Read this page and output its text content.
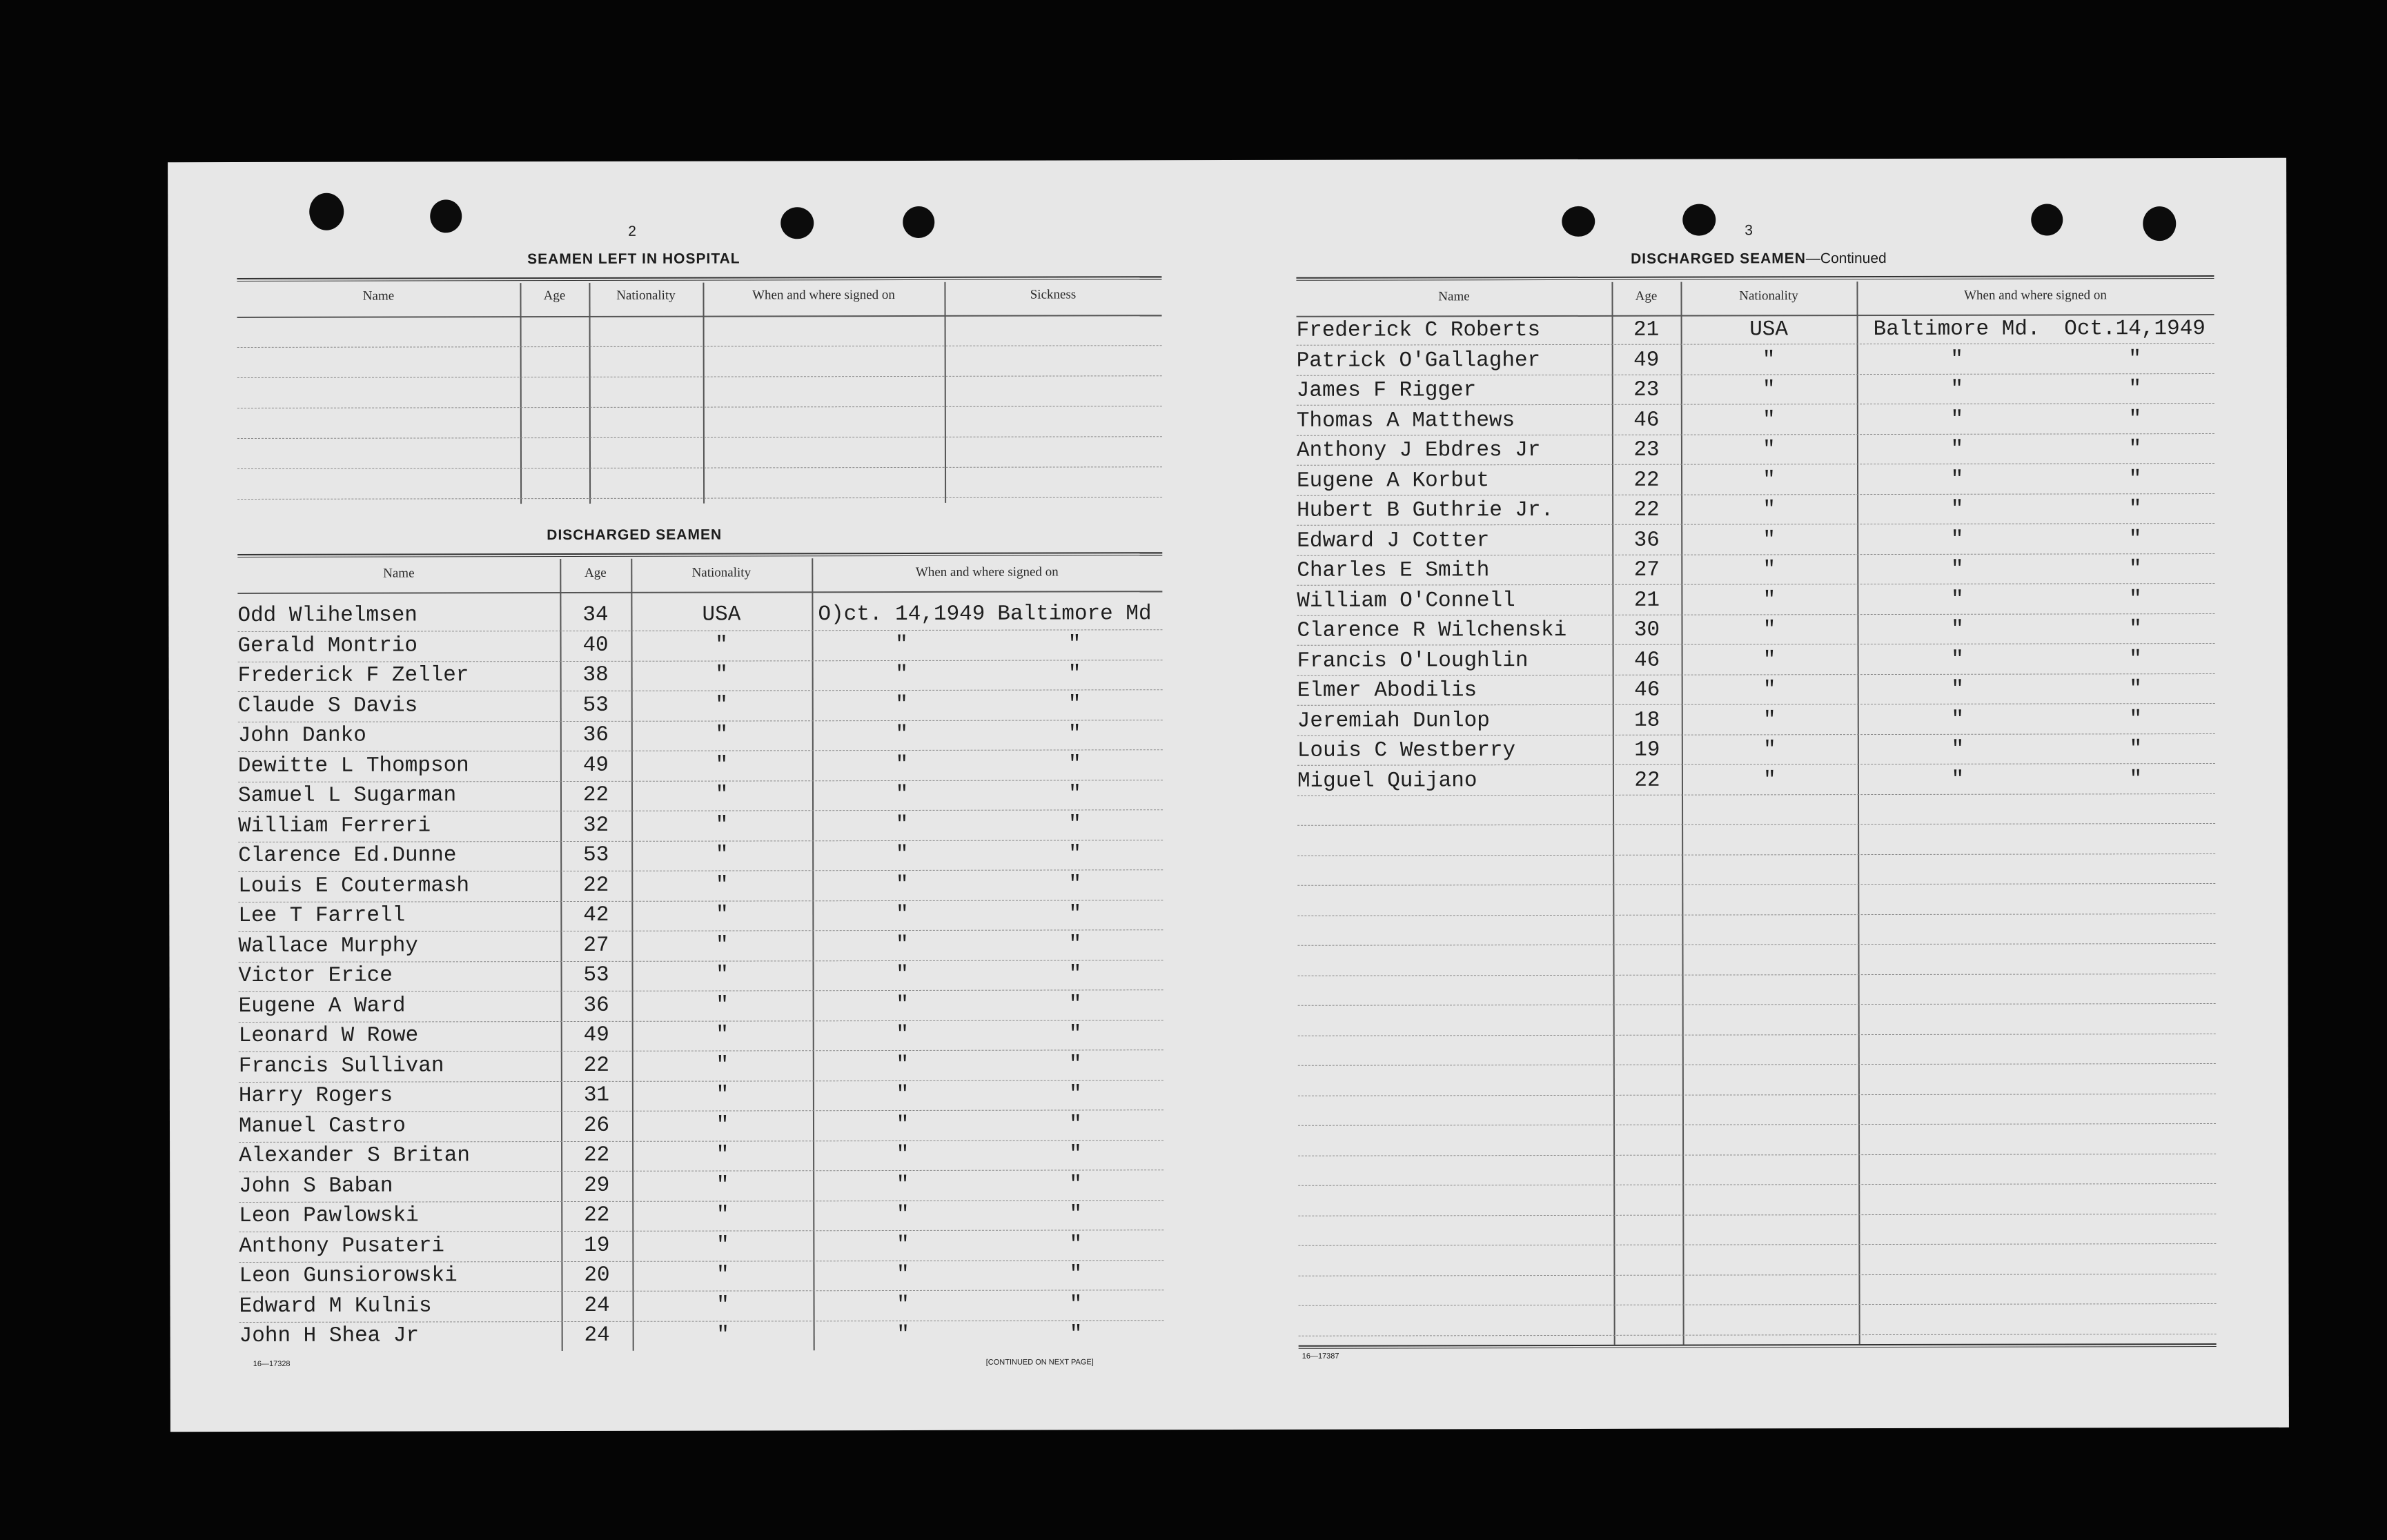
2
SEAMEN LEFT IN HOSPITAL
Name	Age	Nationality	When and where signed on	Sickness
DISCHARGED SEAMEN
Name	Age	Nationality	When and where signed on
Odd Wlihelmsen	34	USA	O)ct. 14,1949 Baltimore Md
Gerald Montrio	40	"	"	"
Frederick F Zeller	38	"	"	"
Claude S Davis	53	"	"	"
John Danko	36	"	"	"
Dewitte L Thompson	49	"	"	"
Samuel L Sugarman	22	"	"	"
William Ferreri	32	"	"	"
Clarence Ed.Dunne	53	"	"	"
Louis E Coutermash	22	"	"	"
Lee T Farrell	42	"	"	"
Wallace Murphy	27	"	"	"
Victor Erice	53	"	"	"
Eugene A Ward	36	"	"	"
Leonard W Rowe	49	"	"	"
Francis Sullivan	22	"	"	"
Harry Rogers	31	"	"	"
Manuel Castro	26	"	"	"
Alexander S Britan	22	"	"	"
John S Baban	29	"	"	"
Leon Pawlowski	22	"	"	"
Anthony Pusateri	19	"	"	"
Leon Gunsiorowski	20	"	"	"
Edward M Kulnis	24	"	"	"
John H Shea Jr	24	"	"	"
16—17328	[CONTINUED ON NEXT PAGE]
3
DISCHARGED SEAMEN—Continued
Name	Age	Nationality	When and where signed on
Frederick C Roberts	21	USA	Baltimore Md.	Oct.14,1949
Patrick O'Gallagher	49	"	"	"
James F Rigger	23	"	"	"
Thomas A Matthews	46	"	"	"
Anthony J Ebdres Jr	23	"	"	"
Eugene A Korbut	22	"	"	"
Hubert B Guthrie Jr.	22	"	"	"
Edward J Cotter	36	"	"	"
Charles E Smith	27	"	"	"
William O'Connell	21	"	"	"
Clarence R Wilchenski	30	"	"	"
Francis O'Loughlin	46	"	"	"
Elmer Abodilis	46	"	"	"
Jeremiah Dunlop	18	"	"	"
Louis C Westberry	19	"	"	"
Miguel Quijano	22	"	"	"
16—17387
